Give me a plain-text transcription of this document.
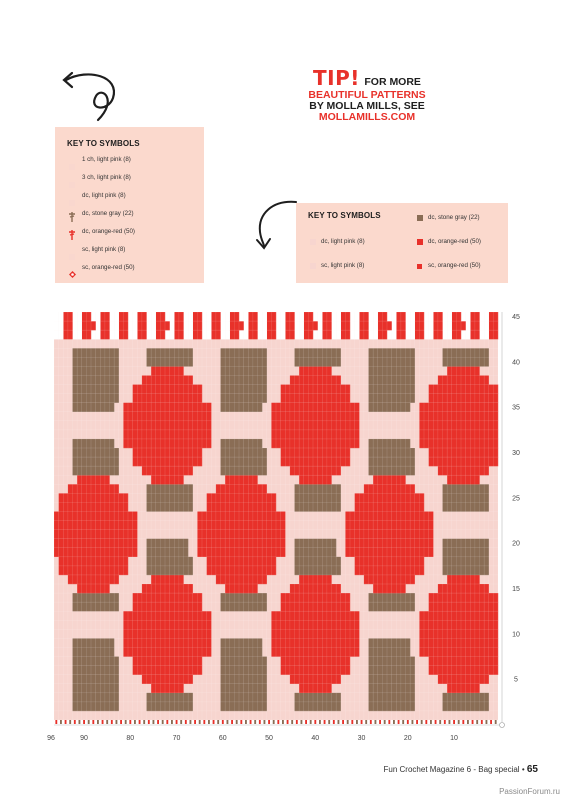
KEY TO SYMBOLS
1 ch, light pink (8)
3 ch, light pink (8)
dc, light pink (8)
dc, stone gray (22)
dc, orange-red (50)
sc, light pink (8)
sc, orange-red (50)
KEY TO SYMBOLS
dc, light pink (8)
sc, light pink (8)
dc, stone gray (22)
dc, orange-red (50)
sc, orange-red (50)
TIP! FOR MORE
BEAUTIFUL PATTERNS
BY MOLLA MILLS, SEE
MOLLAMILLS.COM
5
10
15
20
25
30
35
40
45
96	90	80	70	60	50	40	30	20	10
Fun Crochet Magazine 6 - Bag special • 65
PassionForum.ru
